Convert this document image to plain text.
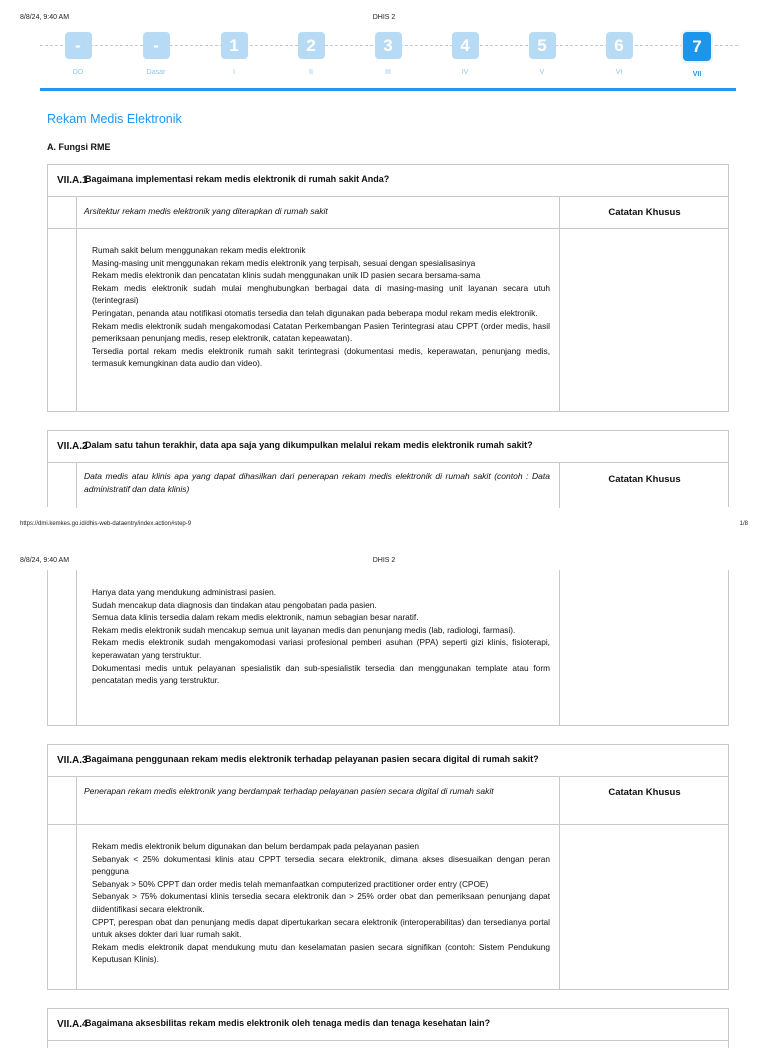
8/8/24, 9:40 AM	DHIS 2
-
DO
-
Dasar
1
I
2
II
3
III
4
IV
5
V
6
VI
7
VII
Rekam Medis Elektronik
A. Fungsi RME
VII.A.1
Bagaimana implementasi rekam medis elektronik di rumah sakit Anda?
Arsitektur rekam medis elektronik yang diterapkan di rumah sakit	Catatan Khusus
Rumah sakit belum menggunakan rekam medis elektronik
Masing-masing unit menggunakan rekam medis elektronik yang terpisah, sesuai dengan spesialisasinya
Rekam medis elektronik dan pencatatan klinis sudah menggunakan unik ID pasien secara bersama-sama
Rekam medis elektronik sudah mulai menghubungkan berbagai data di masing-masing unit layanan secara utuh (terintegrasi)
Peringatan, penanda atau notifikasi otomatis tersedia dan telah digunakan pada beberapa modul rekam medis elektronik.
Rekam medis elektronik sudah mengakomodasi Catatan Perkembangan Pasien Terintegrasi atau CPPT (order medis, hasil pemeriksaan penunjang medis, resep elektronik, catatan kepeawatan).
Tersedia portal rekam medis elektronik rumah sakit terintegrasi (dokumentasi medis, keperawatan, penunjang medis, termasuk kemungkinan data audio dan video).
VII.A.2
Dalam satu tahun terakhir, data apa saja yang dikumpulkan melalui rekam medis elektronik rumah sakit?
Data medis atau klinis apa yang dapat dihasilkan dari penerapan rekam medis elektronik di rumah sakit (contoh : Data administratif dan data klinis)
Catatan Khusus
https://dmi.kemkes.go.id/dhis-web-dataentry/index.action#step-9	1/8
8/8/24, 9:40 AM	DHIS 2
Hanya data yang mendukung administrasi pasien.
Sudah mencakup data diagnosis dan tindakan atau pengobatan pada pasien.
Semua data klinis tersedia dalam rekam medis elektronik, namun sebagian besar naratif.
Rekam medis elektronik sudah mencakup semua unit layanan medis dan penunjang medis (lab, radiologi, farmasi).
Rekam medis elektronik sudah mengakomodasi variasi profesional pemberi asuhan (PPA) seperti gizi klinis, fisioterapi, keperawatan yang terstruktur.
Dokumentasi medis untuk pelayanan spesialistik dan sub-spesialistik tersedia dan menggunakan template atau form pencatatan medis yang terstruktur.
VII.A.3
Bagaimana penggunaan rekam medis elektronik terhadap pelayanan pasien secara digital di rumah sakit?
Penerapan rekam medis elektronik yang berdampak terhadap pelayanan pasien secara digital di rumah sakit	Catatan Khusus
Rekam medis elektronik belum digunakan dan belum berdampak pada pelayanan pasien
Sebanyak < 25% dokumentasi klinis atau CPPT tersedia secara elektronik, dimana akses disesuaikan dengan peran pengguna
Sebanyak > 50% CPPT dan order medis telah memanfaatkan computerized practitioner order entry (CPOE)
Sebanyak > 75% dokumentasi klinis tersedia secara elektronik dan > 25% order obat dan pemeriksaan penunjang dapat diidentifikasi secara elektronik.
CPPT, perespan obat dan penunjang medis dapat dipertukarkan secara elektronik (interoperabilitas) dan tersedianya portal untuk akses dokter dari luar rumah sakit.
Rekam medis elektronik dapat mendukung mutu dan keselamatan pasien secara signifikan (contoh: Sistem Pendukung Keputusan Klinis).
VII.A.4
Bagaimana aksesbilitas rekam medis elektronik oleh tenaga medis dan tenaga kesehatan lain?
